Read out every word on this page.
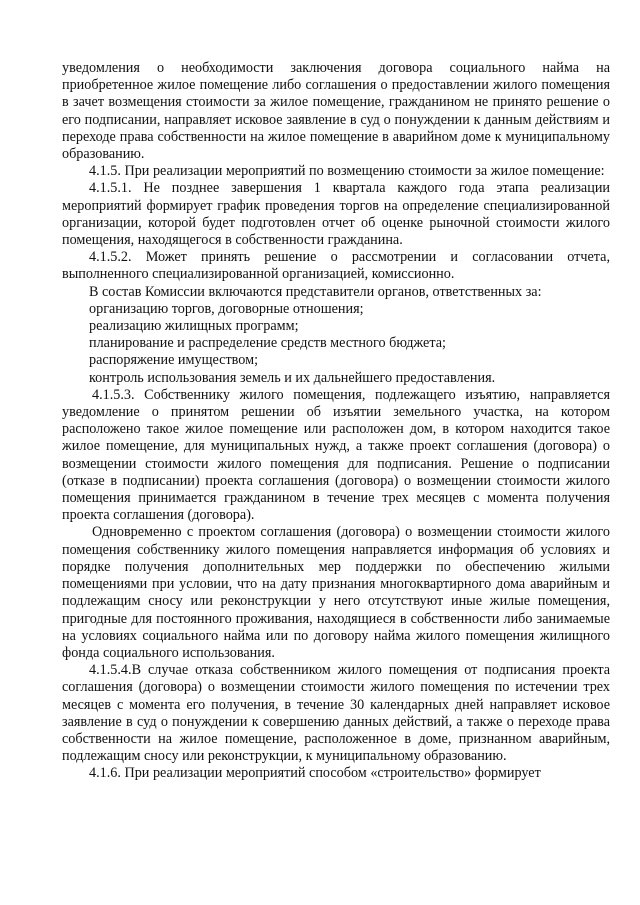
уведомления о необходимости заключения договора социального найма на приобретенное жилое помещение либо соглашения о предоставлении жилого помещения в зачет возмещения стоимости за жилое помещение, гражданином не принято решение о его подписании, направляет исковое заявление в суд о понуждении к данным действиям и переходе права собственности на жилое помещение в аварийном доме к муниципальному образованию.

4.1.5. При реализации мероприятий по возмещению стоимости за жилое помещение:

4.1.5.1. Не позднее завершения 1 квартала каждого года этапа реализации мероприятий формирует график проведения торгов на определение специализированной организации, которой будет подготовлен отчет об оценке рыночной стоимости жилого помещения, находящегося в собственности гражданина.

4.1.5.2. Может принять решение о рассмотрении и согласовании отчета, выполненного специализированной организацией, комиссионно.

В состав Комиссии включаются представители органов, ответственных за:

организацию торгов, договорные отношения;

реализацию жилищных программ;

планирование и распределение средств местного бюджета;

распоряжение имуществом;

контроль использования земель и их дальнейшего предоставления.

4.1.5.3. Собственнику жилого помещения, подлежащего изъятию, направляется уведомление о принятом решении об изъятии земельного участка, на котором расположено такое жилое помещение или расположен дом, в котором находится такое жилое помещение, для муниципальных нужд, а также проект соглашения (договора) о возмещении стоимости жилого помещения для подписания. Решение о подписании (отказе в подписании) проекта соглашения (договора) о возмещении стоимости жилого помещения принимается гражданином в течение трех месяцев с момента получения проекта соглашения (договора).

Одновременно с проектом соглашения (договора) о возмещении стоимости жилого помещения собственнику жилого помещения направляется информация об условиях и порядке получения дополнительных мер поддержки по обеспечению жилыми помещениями при условии, что на дату признания многоквартирного дома аварийным и подлежащим сносу или реконструкции у него отсутствуют иные жилые помещения, пригодные для постоянного проживания, находящиеся в собственности либо занимаемые на условиях социального найма или по договору найма жилого помещения жилищного фонда социального использования.

4.1.5.4.В случае отказа собственником жилого помещения от подписания проекта соглашения (договора) о возмещении стоимости жилого помещения по истечении трех месяцев с момента его получения, в течение 30 календарных дней направляет исковое заявление в суд о понуждении к совершению данных действий, а также о переходе права собственности на жилое помещение, расположенное в доме, признанном аварийным, подлежащим сносу или реконструкции, к муниципальному образованию.

4.1.6. При реализации мероприятий способом «строительство» формирует
